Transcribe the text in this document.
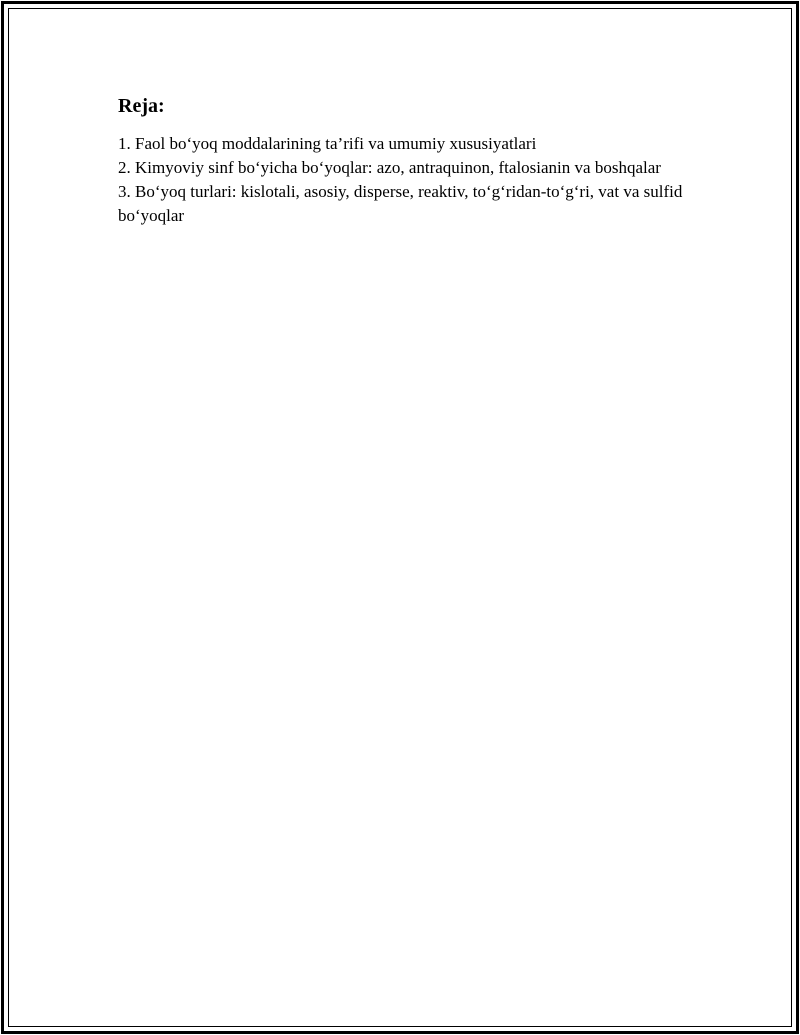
Reja:
1. Faol bo‘yoq moddalarining ta’rifi va umumiy xususiyatlari
2. Kimyoviy sinf bo‘yicha bo‘yoqlar: azo, antraquinon, ftalosianin va boshqalar
3. Bo‘yoq turlari: kislotali, asosiy, disperse, reaktiv, to‘g‘ridan-to‘g‘ri, vat va sulfid bo‘yoqlar
